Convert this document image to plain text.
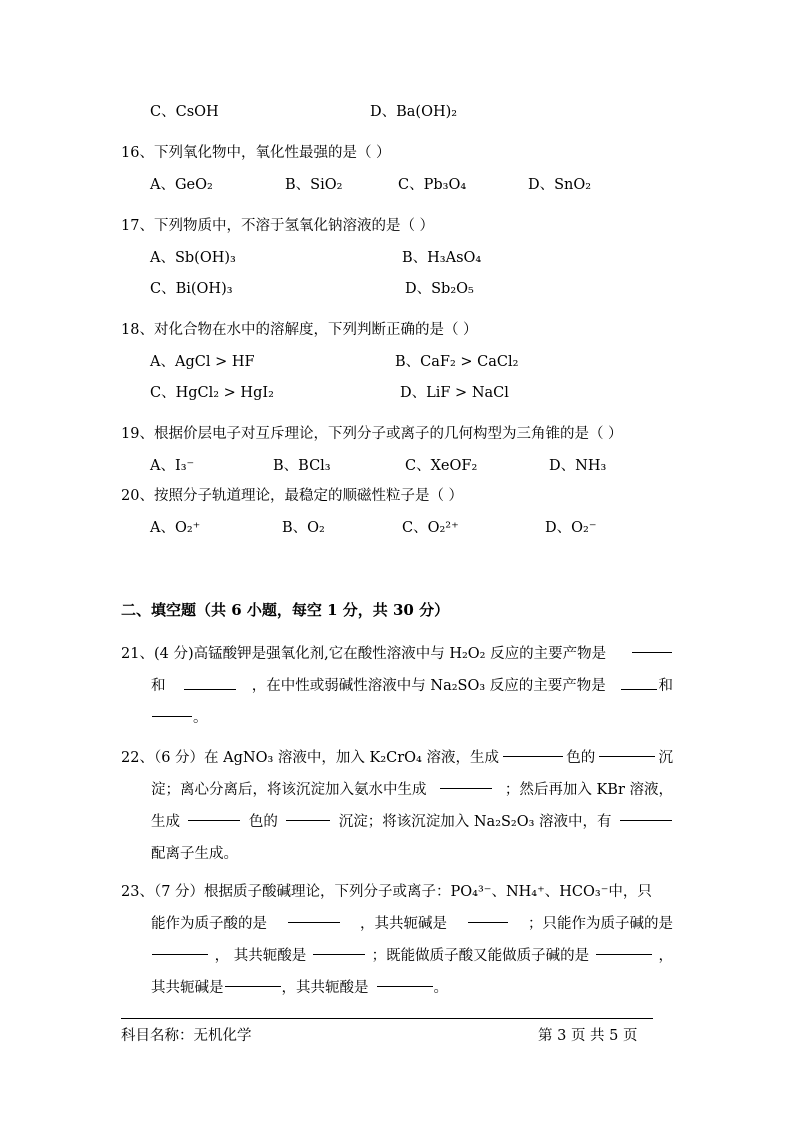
C、CsOH	D、Ba(OH)₂
16、下列氧化物中，氧化性最强的是（ ）
A、GeO₂	B、SiO₂	C、Pb₃O₄	D、SnO₂
17、下列物质中，不溶于氢氧化钠溶液的是（ ）
A、Sb(OH)₃	B、H₃AsO₄
C、Bi(OH)₃	D、Sb₂O₅
18、对化合物在水中的溶解度，下列判断正确的是（ ）
A、AgCl > HF	B、CaF₂ > CaCl₂
C、HgCl₂ > HgI₂	D、LiF > NaCl
19、根据价层电子对互斥理论，下列分子或离子的几何构型为三角锥的是（ ）
A、I₃⁻	B、BCl₃	C、XeOF₂	D、NH₃
20、按照分子轨道理论，最稳定的顺磁性粒子是（ ）
A、O₂⁺	B、O₂	C、O₂²⁺	D、O₂⁻
二、填空题（共 6 小题，每空 1 分，共 30 分）
21、(4 分)高锰酸钾是强氧化剂,它在酸性溶液中与 H₂O₂ 反应的主要产物是
和	，在中性或弱碱性溶液中与 Na₂SO₃ 反应的主要产物是	和
。
22、（6 分）在 AgNO₃ 溶液中，加入 K₂CrO₄ 溶液，生成	色的	沉
淀；离心分离后，将该沉淀加入氨水中生成	；然后再加入 KBr 溶液，
生成	色的	沉淀；将该沉淀加入 Na₂S₂O₃ 溶液中，有
配离子生成。
23、（7 分）根据质子酸碱理论，下列分子或离子：PO₄³⁻、NH₄⁺、HCO₃⁻中，只
能作为质子酸的是	，其共轭碱是	；只能作为质子碱的是
， 其共轭酸是	；既能做质子酸又能做质子碱的是	，
其共轭碱是	，其共轭酸是	。
科目名称：无机化学	第 3 页 共 5 页
